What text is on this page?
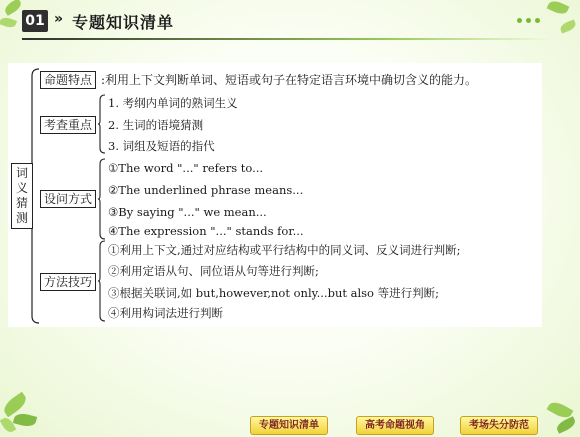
01 » 专题知识清单
词义猜测
命题特点 :利用上下文判断单词、短语或句子在特定语言环境中确切含义的能力。
考查重点
1. 考纲内单词的熟词生义
2. 生词的语境猜测
3. 词组及短语的指代
设问方式
①The word "..." refers to...
②The underlined phrase means...
③By saying "..." we mean...
④The expression "..." stands for...
方法技巧
①利用上下文,通过对应结构或平行结构中的同义词、反义词进行判断;
②利用定语从句、同位语从句等进行判断;
③根据关联词,如 but,however,not only...but also 等进行判断;
④利用构词法进行判断
专题知识清单	高考命题视角	考场失分防范
